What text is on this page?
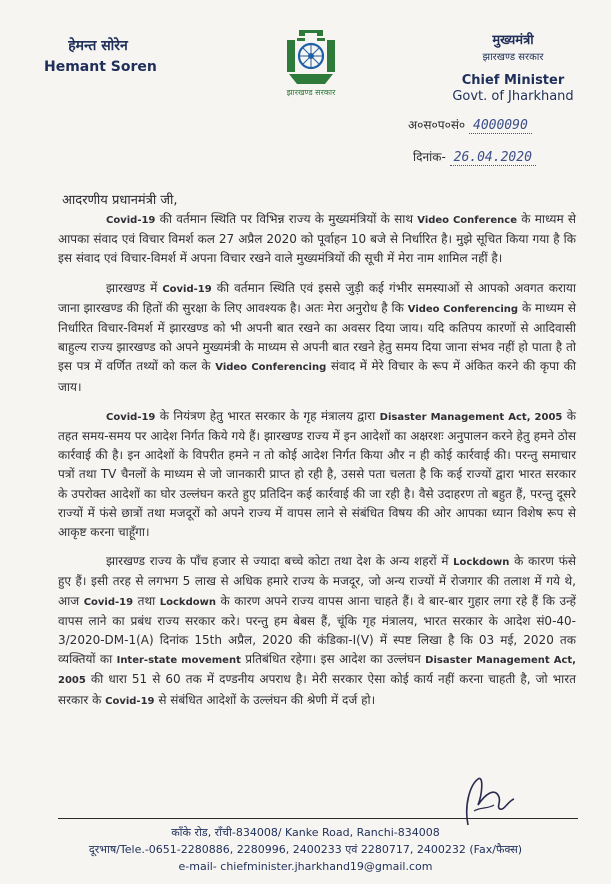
हेमन्त सोरेन
Hemant Soren
झारखण्ड सरकार
मुख्यमंत्री
झारखण्ड सरकार
Chief Minister
Govt. of Jharkhand
अ०स०प०सं० 4000090
दिनांक- 26.04.2020
आदरणीय प्रधानमंत्री जी,

Covid-19 की वर्तमान स्थिति पर विभिन्न राज्य के मुख्यमंत्रियों के साथ Video Conference के माध्यम से आपका संवाद एवं विचार विमर्श कल 27 अप्रैल 2020 को पूर्वाहन 10 बजे से निर्धारित है। मुझे सूचित किया गया है कि इस संवाद एवं विचार-विमर्श में अपना विचार रखने वाले मुख्यमंत्रियों की सूची में मेरा नाम शामिल नहीं है।

झारखण्ड में Covid-19 की वर्तमान स्थिति एवं इससे जुड़ी कई गंभीर समस्याओं से आपको अवगत कराया जाना झारखण्ड की हितों की सुरक्षा के लिए आवश्यक है। अतः मेरा अनुरोध है कि Video Conferencing के माध्यम से निर्धारित विचार-विमर्श में झारखण्ड को भी अपनी बात रखने का अवसर दिया जाय। यदि कतिपय कारणों से आदिवासी बाहुल्य राज्य झारखण्ड को अपने मुख्यमंत्री के माध्यम से अपनी बात रखने हेतु समय दिया जाना संभव नहीं हो पाता है तो इस पत्र में वर्णित तथ्यों को कल के Video Conferencing संवाद में मेरे विचार के रूप में अंकित करने की कृपा की जाय।

Covid-19 के नियंत्रण हेतु भारत सरकार के गृह मंत्रालय द्वारा Disaster Management Act, 2005 के तहत समय-समय पर आदेश निर्गत किये गये हैं। झारखण्ड राज्य में इन आदेशों का अक्षरशः अनुपालन करने हेतु हमने ठोस कार्रवाई की है। इन आदेशों के विपरीत हमने न तो कोई आदेश निर्गत किया और न ही कोई कार्रवाई की। परन्तु समाचार पत्रों तथा TV चैनलों के माध्यम से जो जानकारी प्राप्त हो रही है, उससे पता चलता है कि कई राज्यों द्वारा भारत सरकार के उपरोक्त आदेशों का घोर उल्लंघन करते हुए प्रतिदिन कई कार्रवाई की जा रही है। वैसे उदाहरण तो बहुत हैं, परन्तु दूसरे राज्यों में फंसे छात्रों तथा मजदूरों को अपने राज्य में वापस लाने से संबंधित विषय की ओर आपका ध्यान विशेष रूप से आकृष्ट करना चाहूँगा।

झारखण्ड राज्य के पाँच हजार से ज्यादा बच्चे कोटा तथा देश के अन्य शहरों में Lockdown के कारण फंसे हुए हैं। इसी तरह से लगभग 5 लाख से अधिक हमारे राज्य के मजदूर, जो अन्य राज्यों में रोजगार की तलाश में गये थे, आज Covid-19 तथा Lockdown के कारण अपने राज्य वापस आना चाहते हैं। वे बार-बार गुहार लगा रहे हैं कि उन्हें वापस लाने का प्रबंध राज्य सरकार करे। परन्तु हम बेबस हैं, चूंकि गृह मंत्रालय, भारत सरकार के आदेश सं0-40-3/2020-DM-1(A) दिनांक 15th अप्रैल, 2020 की कंडिका-I(V) में स्पष्ट लिखा है कि 03 मई, 2020 तक व्यक्तियों का Inter-state movement प्रतिबंधित रहेगा। इस आदेश का उल्लंघन Disaster Management Act, 2005 की धारा 51 से 60 तक में दण्डनीय अपराध है। मेरी सरकार ऐसा कोई कार्य नहीं करना चाहती है, जो भारत सरकार के Covid-19 से संबंधित आदेशों के उल्लंघन की श्रेणी में दर्ज हो।

कॉंके रोड, राँची-834008/ Kanke Road, Ranchi-834008
दूरभाष/Tele.-0651-2280886, 2280996, 2400233 एवं 2280717, 2400232 (Fax/फैक्स)
e-mail- chiefminister.jharkhand19@gmail.com
